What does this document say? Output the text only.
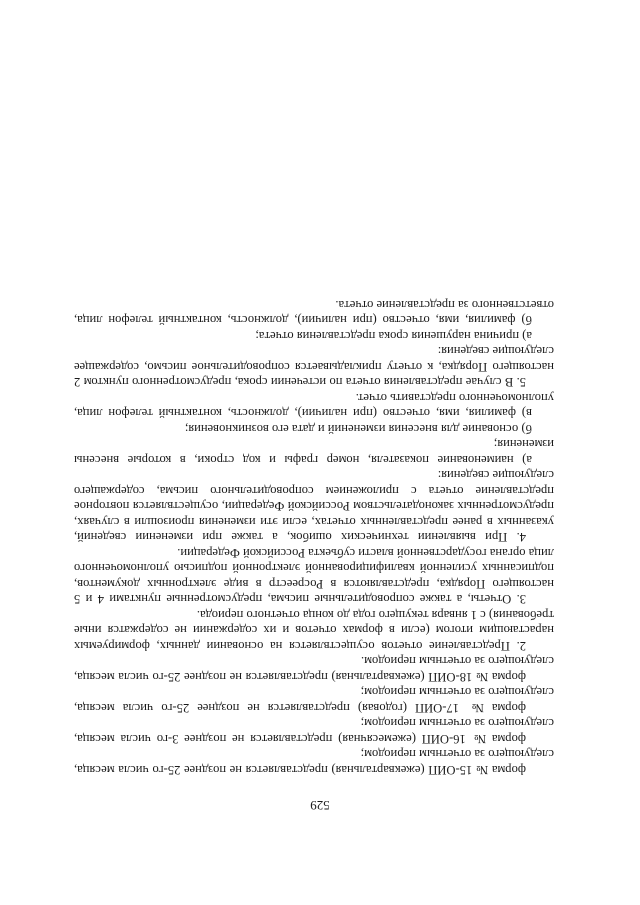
529

форма № 15-ОИП (ежеквартальная) представляется не позднее 25-го числа месяца, следующего за отчетным периодом;

форма № 16-ОИП (ежемесячная) представляется не позднее 3-го числа месяца, следующего за отчетным периодом;

форма № 17-ОИП (годовая) представляется не позднее 25-го числа месяца, следующего за отчетным периодом;

форма № 18-ОИП (ежеквартальная) представляется не позднее 25-го числа месяца, следующего за отчетным периодом.

2. Представление отчетов осуществляется на основании данных, формируемых нарастающим итогом (если в формах отчетов и их содержании не содержатся иные требования) с 1 января текущего года до конца отчетного периода.

3. Отчеты, а также сопроводительные письма, предусмотренные пунктами 4 и 5 настоящего Порядка, представляются в Росреестр в виде электронных документов, подписанных усиленной квалифицированной электронной подписью уполномоченного лица органа государственной власти субъекта Российской Федерации.

4. При выявлении технических ошибок, а также при изменении сведений, указанных в ранее представленных отчетах, если эти изменения произошли в случаях, предусмотренных законодательством Российской Федерации, осуществляется повторное представление отчета с приложением сопроводительного письма, содержащего следующие сведения:

а) наименование показателя, номер графы и код строки, в которые внесены изменения;

б) основание для внесения изменений и дата его возникновения;

в) фамилия, имя, отчество (при наличии), должность, контактный телефон лица, уполномоченного представить отчет.

5. В случае представления отчета по истечении срока, предусмотренного пунктом 2 настоящего Порядка, к отчету прикладывается сопроводительное письмо, содержащее следующие сведения:

а) причина нарушения срока представления отчета;

б) фамилия, имя, отчество (при наличии), должность, контактный телефон лица, ответственного за представление отчета.
